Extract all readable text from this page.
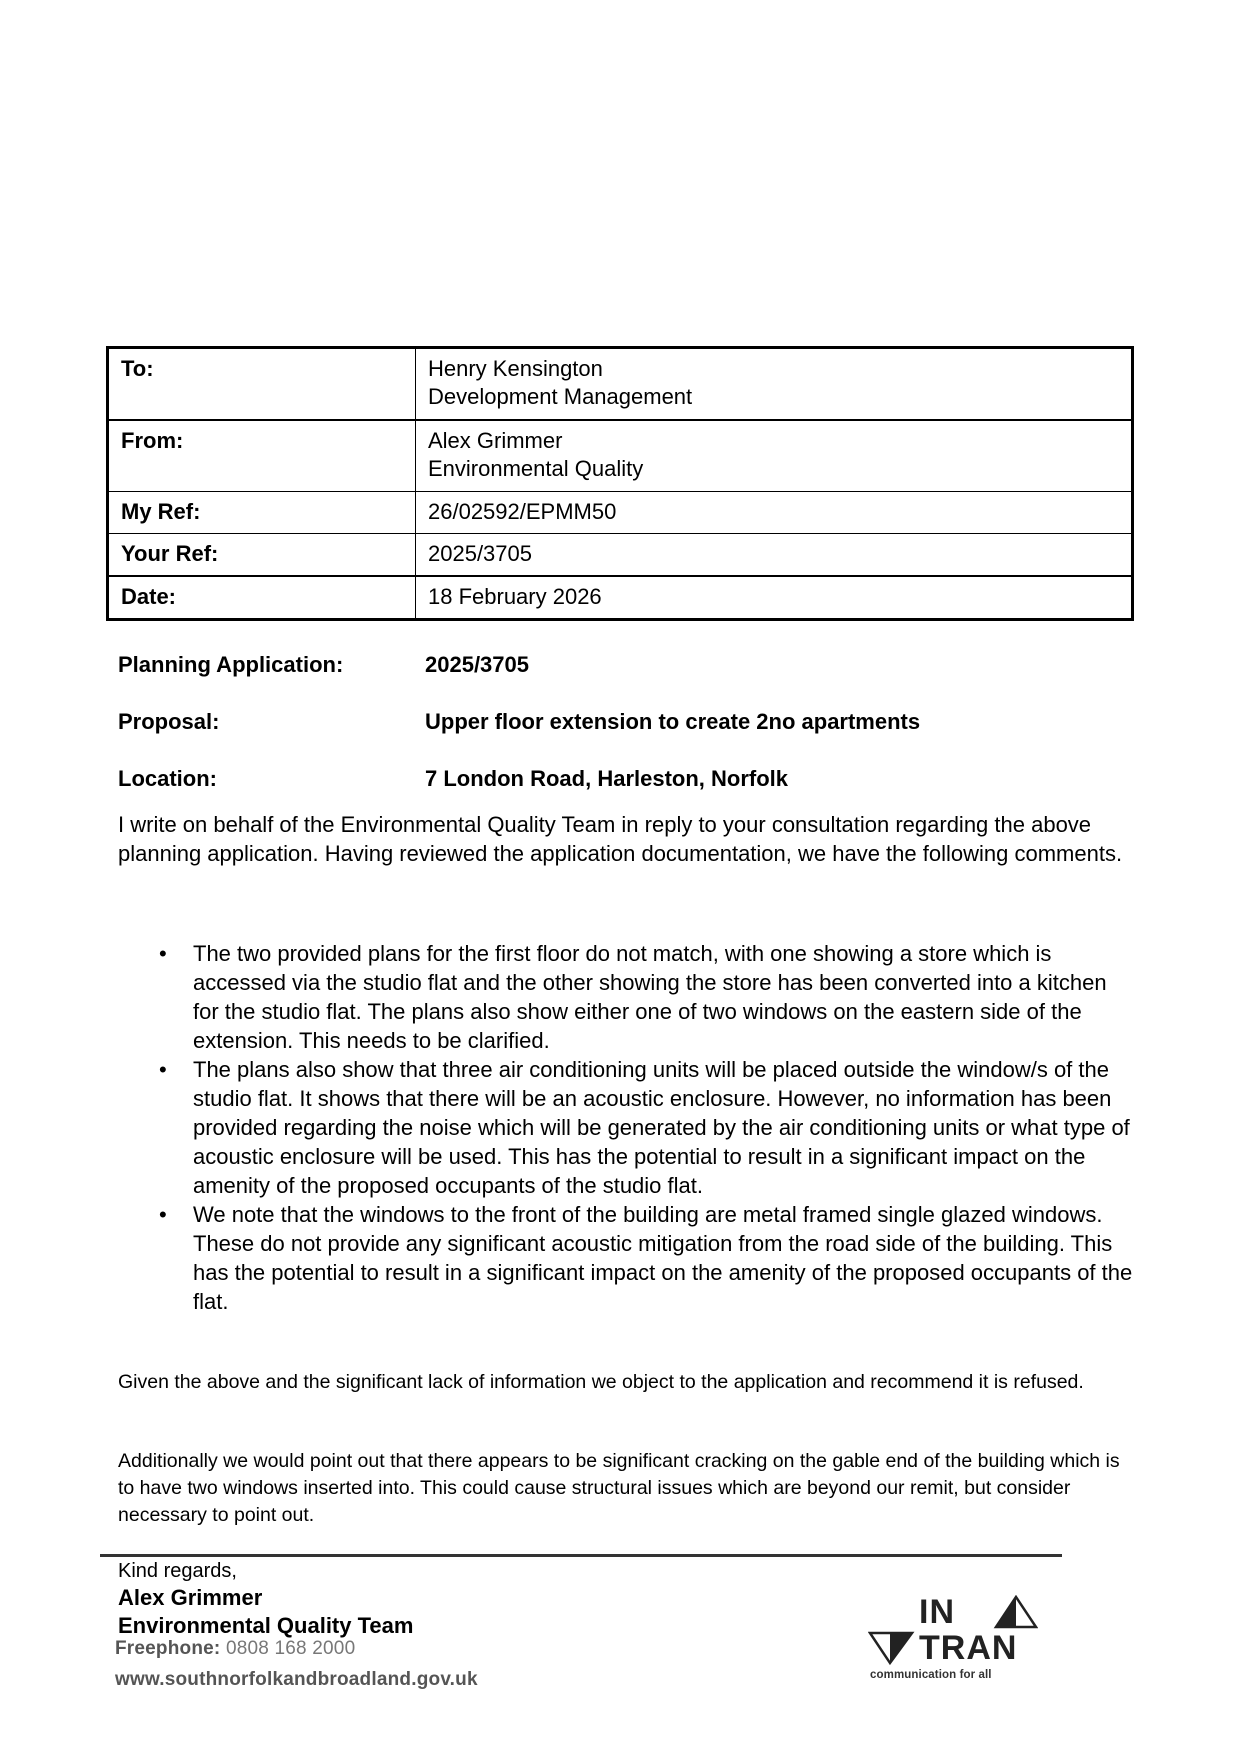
To:	Henry Kensington
Development Management

From:	Alex Grimmer
Environmental Quality

My Ref:	26/02592/EPMM50
Your Ref:	2025/3705
Date:	18 February 2026
Planning Application:	2025/3705
Proposal:	Upper floor extension to create 2no apartments
Location:	7 London Road, Harleston, Norfolk

I write on behalf of the Environmental Quality Team in reply to your consultation regarding the above planning application. Having reviewed the application documentation, we have the following comments.

• The two provided plans for the first floor do not match, with one showing a store which is accessed via the studio flat and the other showing the store has been converted into a kitchen for the studio flat. The plans also show either one of two windows on the eastern side of the extension. This needs to be clarified.
• The plans also show that three air conditioning units will be placed outside the window/s of the studio flat. It shows that there will be an acoustic enclosure. However, no information has been provided regarding the noise which will be generated by the air conditioning units or what type of acoustic enclosure will be used. This has the potential to result in a significant impact on the amenity of the proposed occupants of the studio flat.
• We note that the windows to the front of the building are metal framed single glazed windows. These do not provide any significant acoustic mitigation from the road side of the building. This has the potential to result in a significant impact on the amenity of the proposed occupants of the flat.

Given the above and the significant lack of information we object to the application and recommend it is refused.

Additionally we would point out that there appears to be significant cracking on the gable end of the building which is to have two windows inserted into. This could cause structural issues which are beyond our remit, but consider necessary to point out.

Kind regards,
Alex Grimmer
Environmental Quality Team
Freephone: 0808 168 2000
www.southnorfolkandbroadland.gov.uk
IN
TRAN
communication for all
